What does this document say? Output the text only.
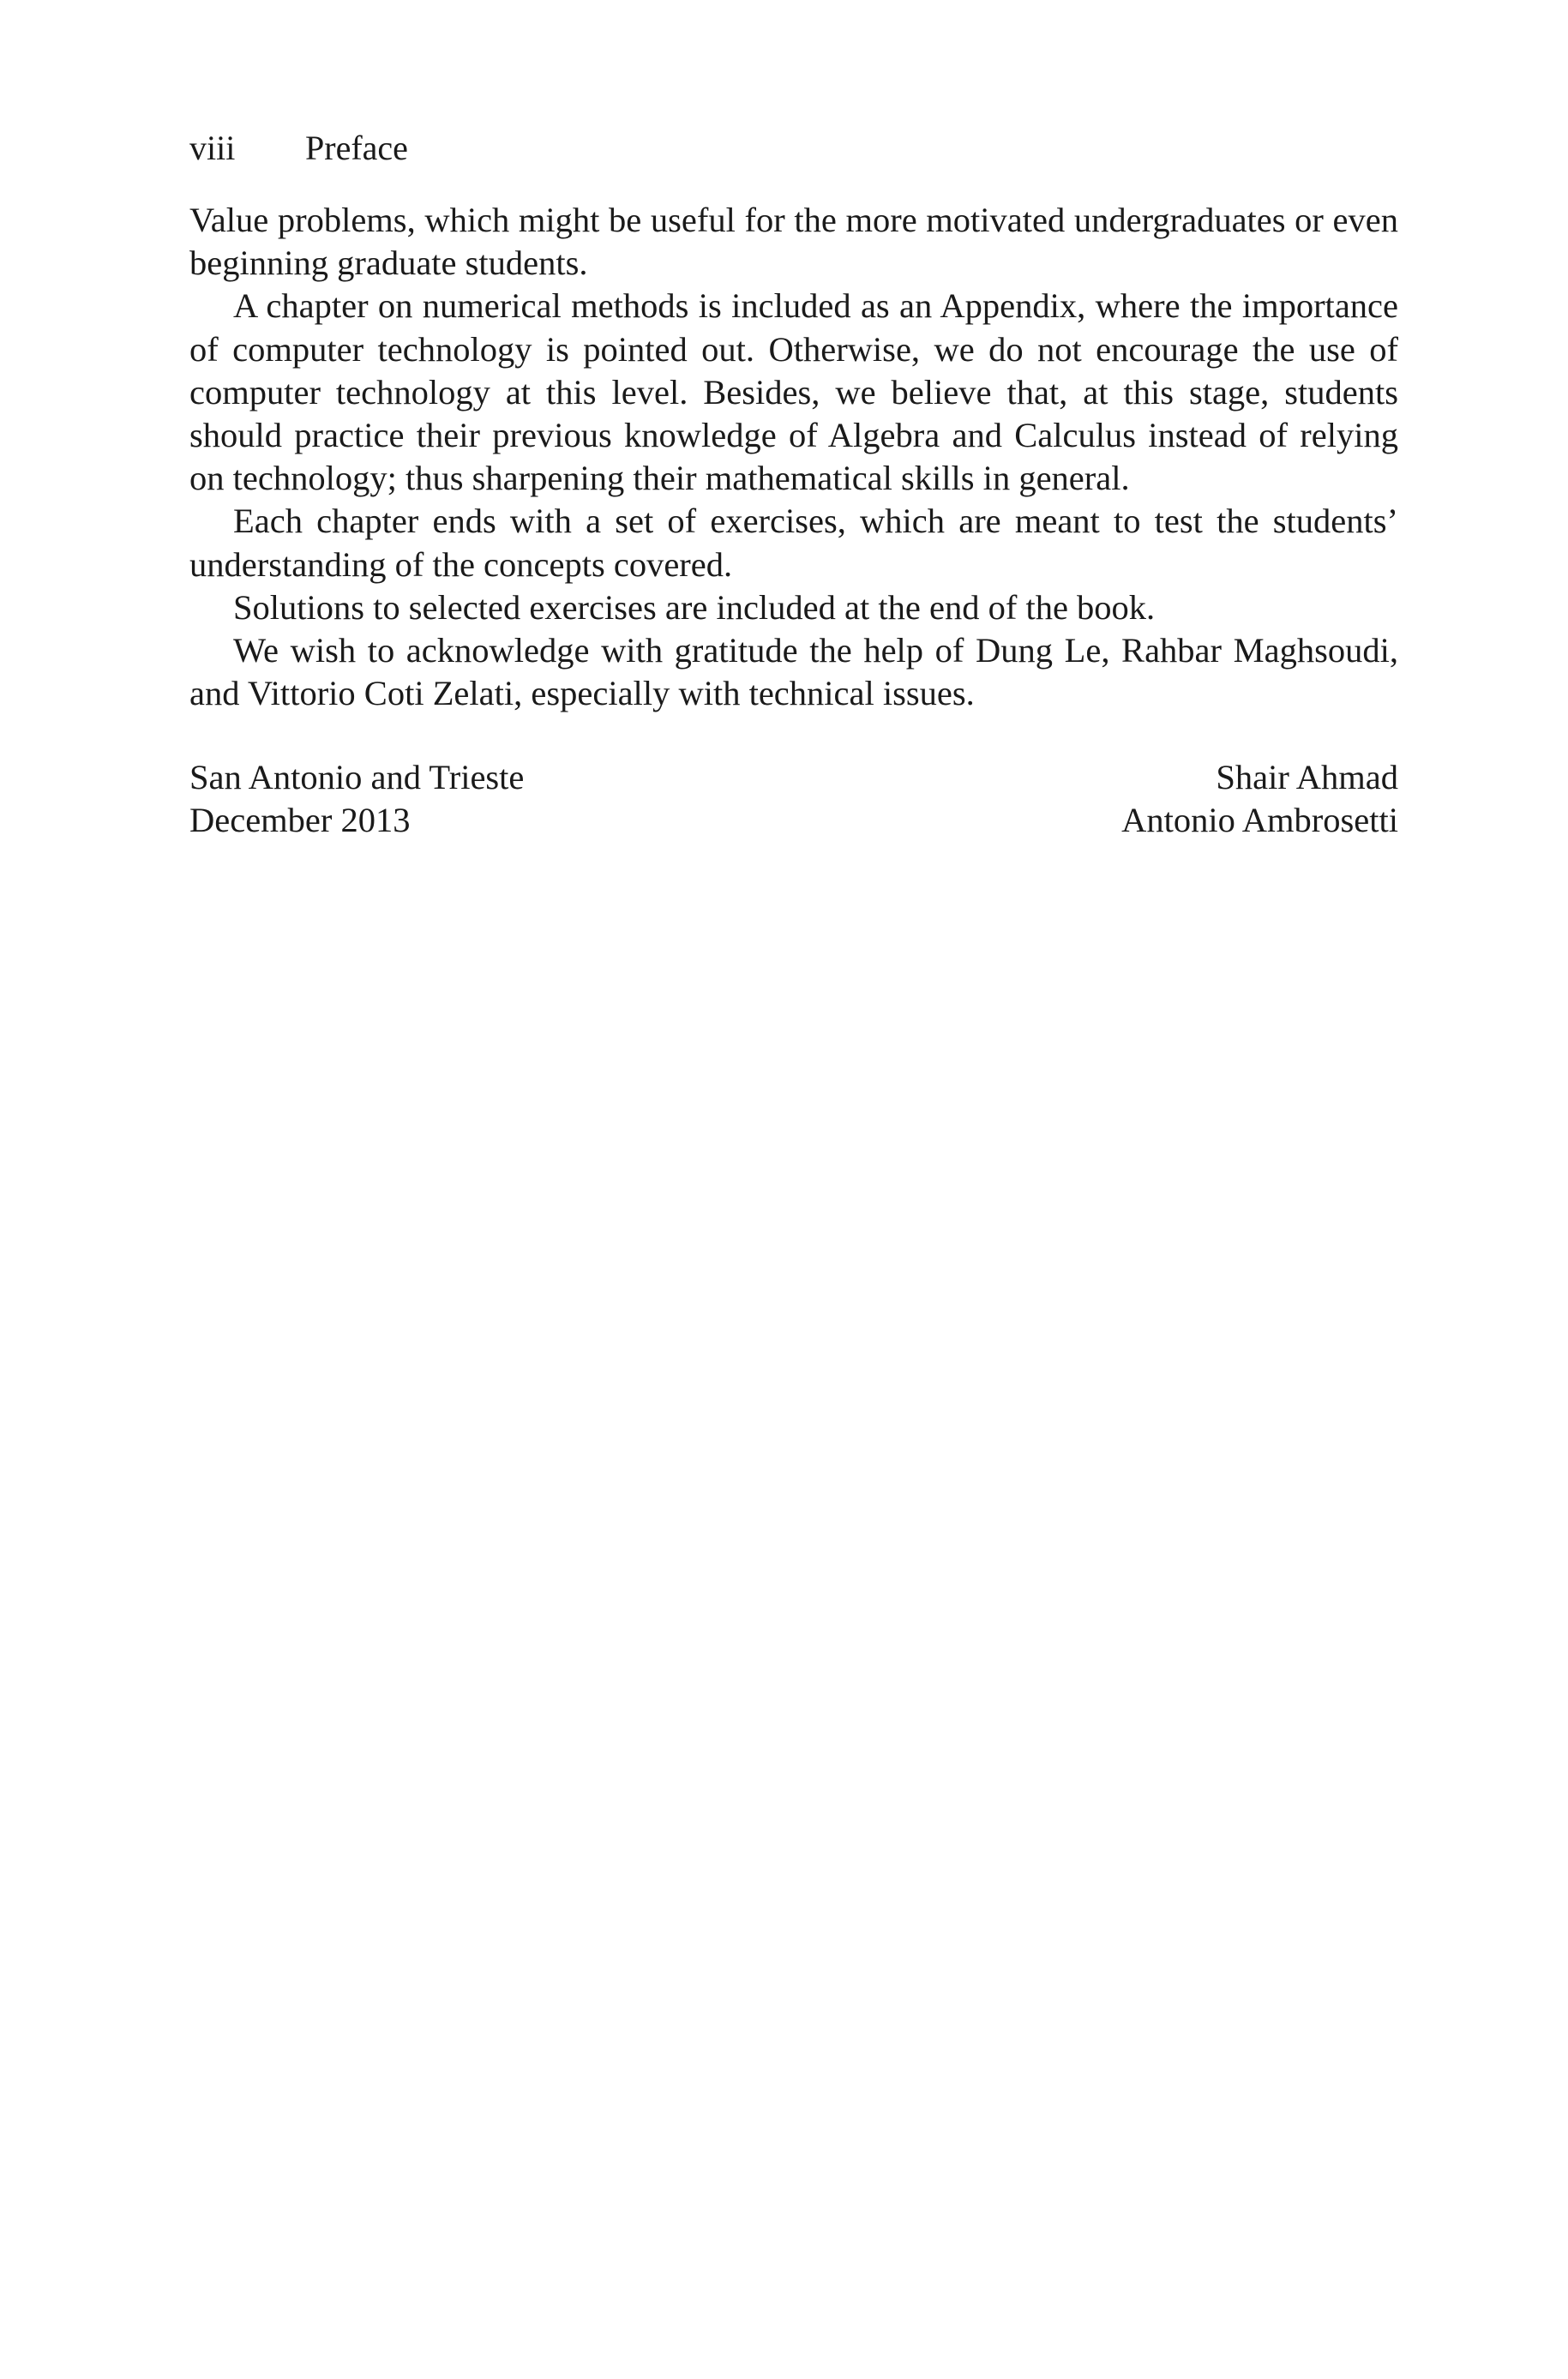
viii Preface

Value problems, which might be useful for the more motivated undergraduates or even beginning graduate students.

A chapter on numerical methods is included as an Appendix, where the importance of computer technology is pointed out. Otherwise, we do not encourage the use of computer technology at this level. Besides, we believe that, at this stage, students should practice their previous knowledge of Algebra and Calculus instead of relying on technology; thus sharpening their mathematical skills in general.

Each chapter ends with a set of exercises, which are meant to test the students’ understanding of the concepts covered.

Solutions to selected exercises are included at the end of the book.

We wish to acknowledge with gratitude the help of Dung Le, Rahbar Maghsoudi, and Vittorio Coti Zelati, especially with technical issues.

San Antonio and Trieste
December 2013
Shair Ahmad
Antonio Ambrosetti
